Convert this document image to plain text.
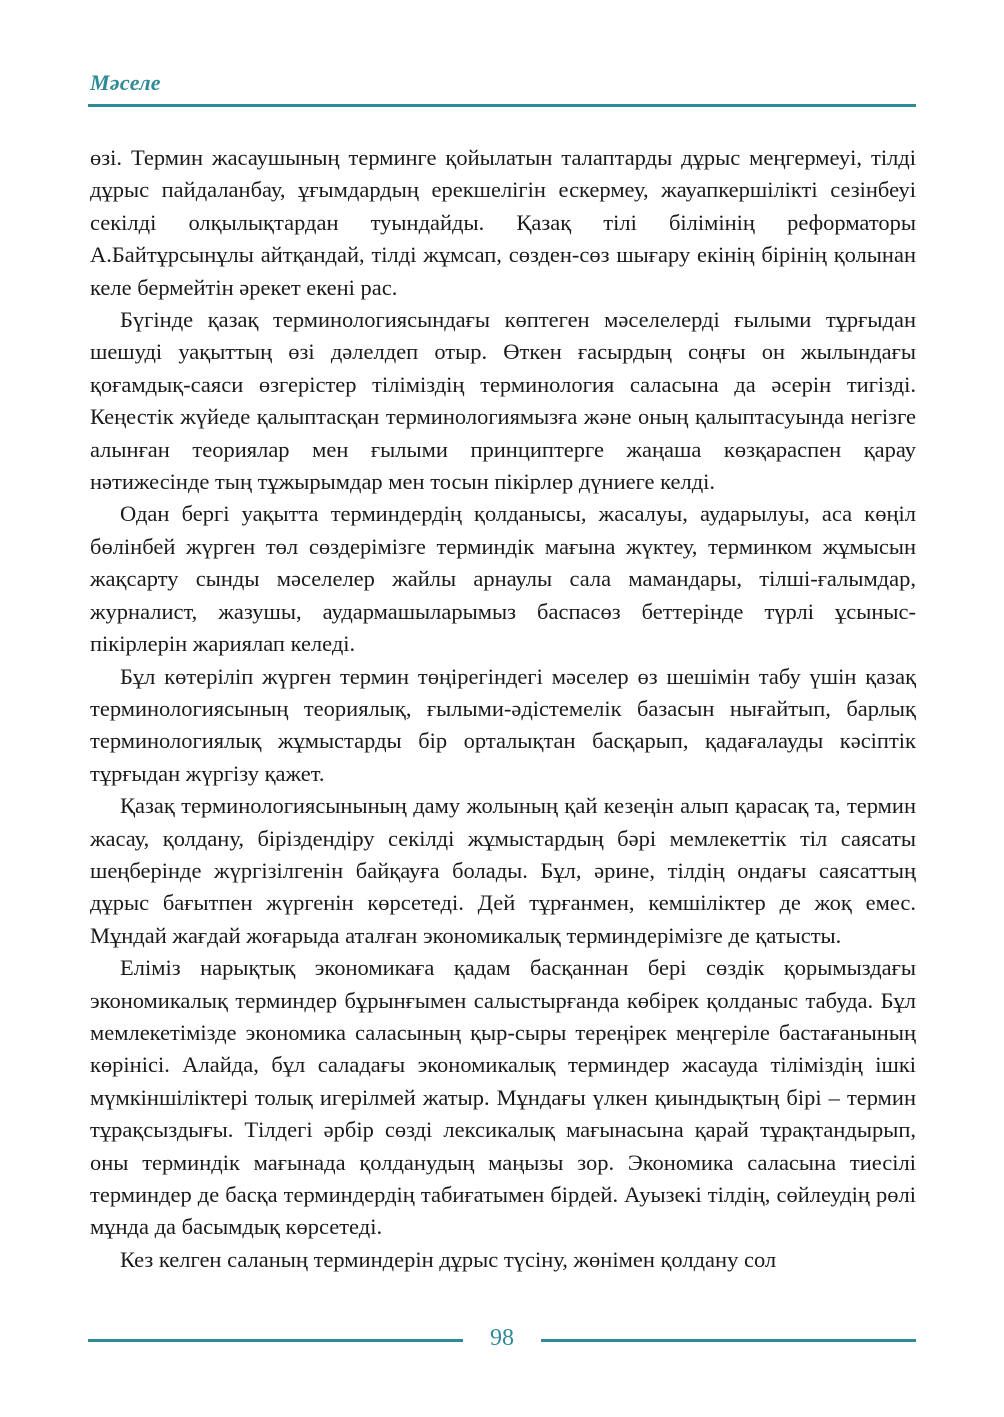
Мәселе

өзі. Термин жасаушының терминге қойылатын талаптарды дұрыс меңгермеуі, тілді дұрыс пайдаланбау, ұғымдардың ерекшелігін ескермеу, жауапкершілікті сезінбеуі секілді олқылықтардан туындайды. Қазақ тілі білімінің реформаторы А.Байтұрсынұлы айтқандай, тілді жұмсап, сөзден-сөз шығару екінің бірінің қолынан келе бермейтін әрекет екені рас.

Бүгінде қазақ терминологиясындағы көптеген мәселелерді ғылыми тұрғыдан шешуді уақыттың өзі дәлелдеп отыр. Өткен ғасырдың соңғы он жылындағы қоғамдық-саяси өзгерістер тіліміздің терминология саласына да әсерін тигізді. Кеңестік жүйеде қалыптасқан терминологиямызға және оның қалыптасуында негізге алынған теориялар мен ғылыми принциптерге жаңаша көзқараспен қарау нәтижесінде тың тұжырымдар мен тосын пікірлер дүниеге келді.

Одан бергі уақытта терминдердің қолданысы, жасалуы, аударылуы, аса көңіл бөлінбей жүрген төл сөздерімізге терминдік мағына жүктеу, терминком жұмысын жақсарту сынды мәселелер жайлы арнаулы сала мамандары, тілші-ғалымдар, журналист, жазушы, аудармашыларымыз баспасөз беттерінде түрлі ұсыныс-пікірлерін жариялап келеді.

Бұл көтеріліп жүрген термин төңірегіндегі мәселер өз шешімін табу үшін қазақ терминологиясының теориялық, ғылыми-әдістемелік базасын нығайтып, барлық терминологиялық жұмыстарды бір орталықтан басқарып, қадағалауды кәсіптік тұрғыдан жүргізу қажет.

Қазақ терминологиясынының даму жолының қай кезеңін алып қарасақ та, термин жасау, қолдану, біріздендіру секілді жұмыстардың бәрі мемлекеттік тіл саясаты шеңберінде жүргізілгенін байқауға болады. Бұл, әрине, тілдің ондағы саясаттың дұрыс бағытпен жүргенін көрсетеді. Дей тұрғанмен, кемшіліктер де жоқ емес. Мұндай жағдай жоғарыда аталған экономикалық терминдерімізге де қатысты.

Еліміз нарықтық экономикаға қадам басқаннан бері сөздік қорымыздағы экономикалық терминдер бұрынғымен салыстырғанда көбірек қолданыс табуда. Бұл мемлекетімізде экономика саласының қыр-сыры тереңірек меңгеріле бастағанының көрінісі. Алайда, бұл саладағы экономикалық терминдер жасауда тіліміздің ішкі мүмкіншіліктері толық игерілмей жатыр. Мұндағы үлкен қиындықтың бірі – термин тұрақсыздығы. Тілдегі әрбір сөзді лексикалық мағынасына қарай тұрақтандырып, оны терминдік мағынада қолданудың маңызы зор. Экономика саласына тиесілі терминдер де басқа терминдердің табиғатымен бірдей. Ауызекі тілдің, сөйлеудің рөлі мұнда да басымдық көрсетеді.

Кез келген саланың терминдерін дұрыс түсіну, жөнімен қолдану сол

98
